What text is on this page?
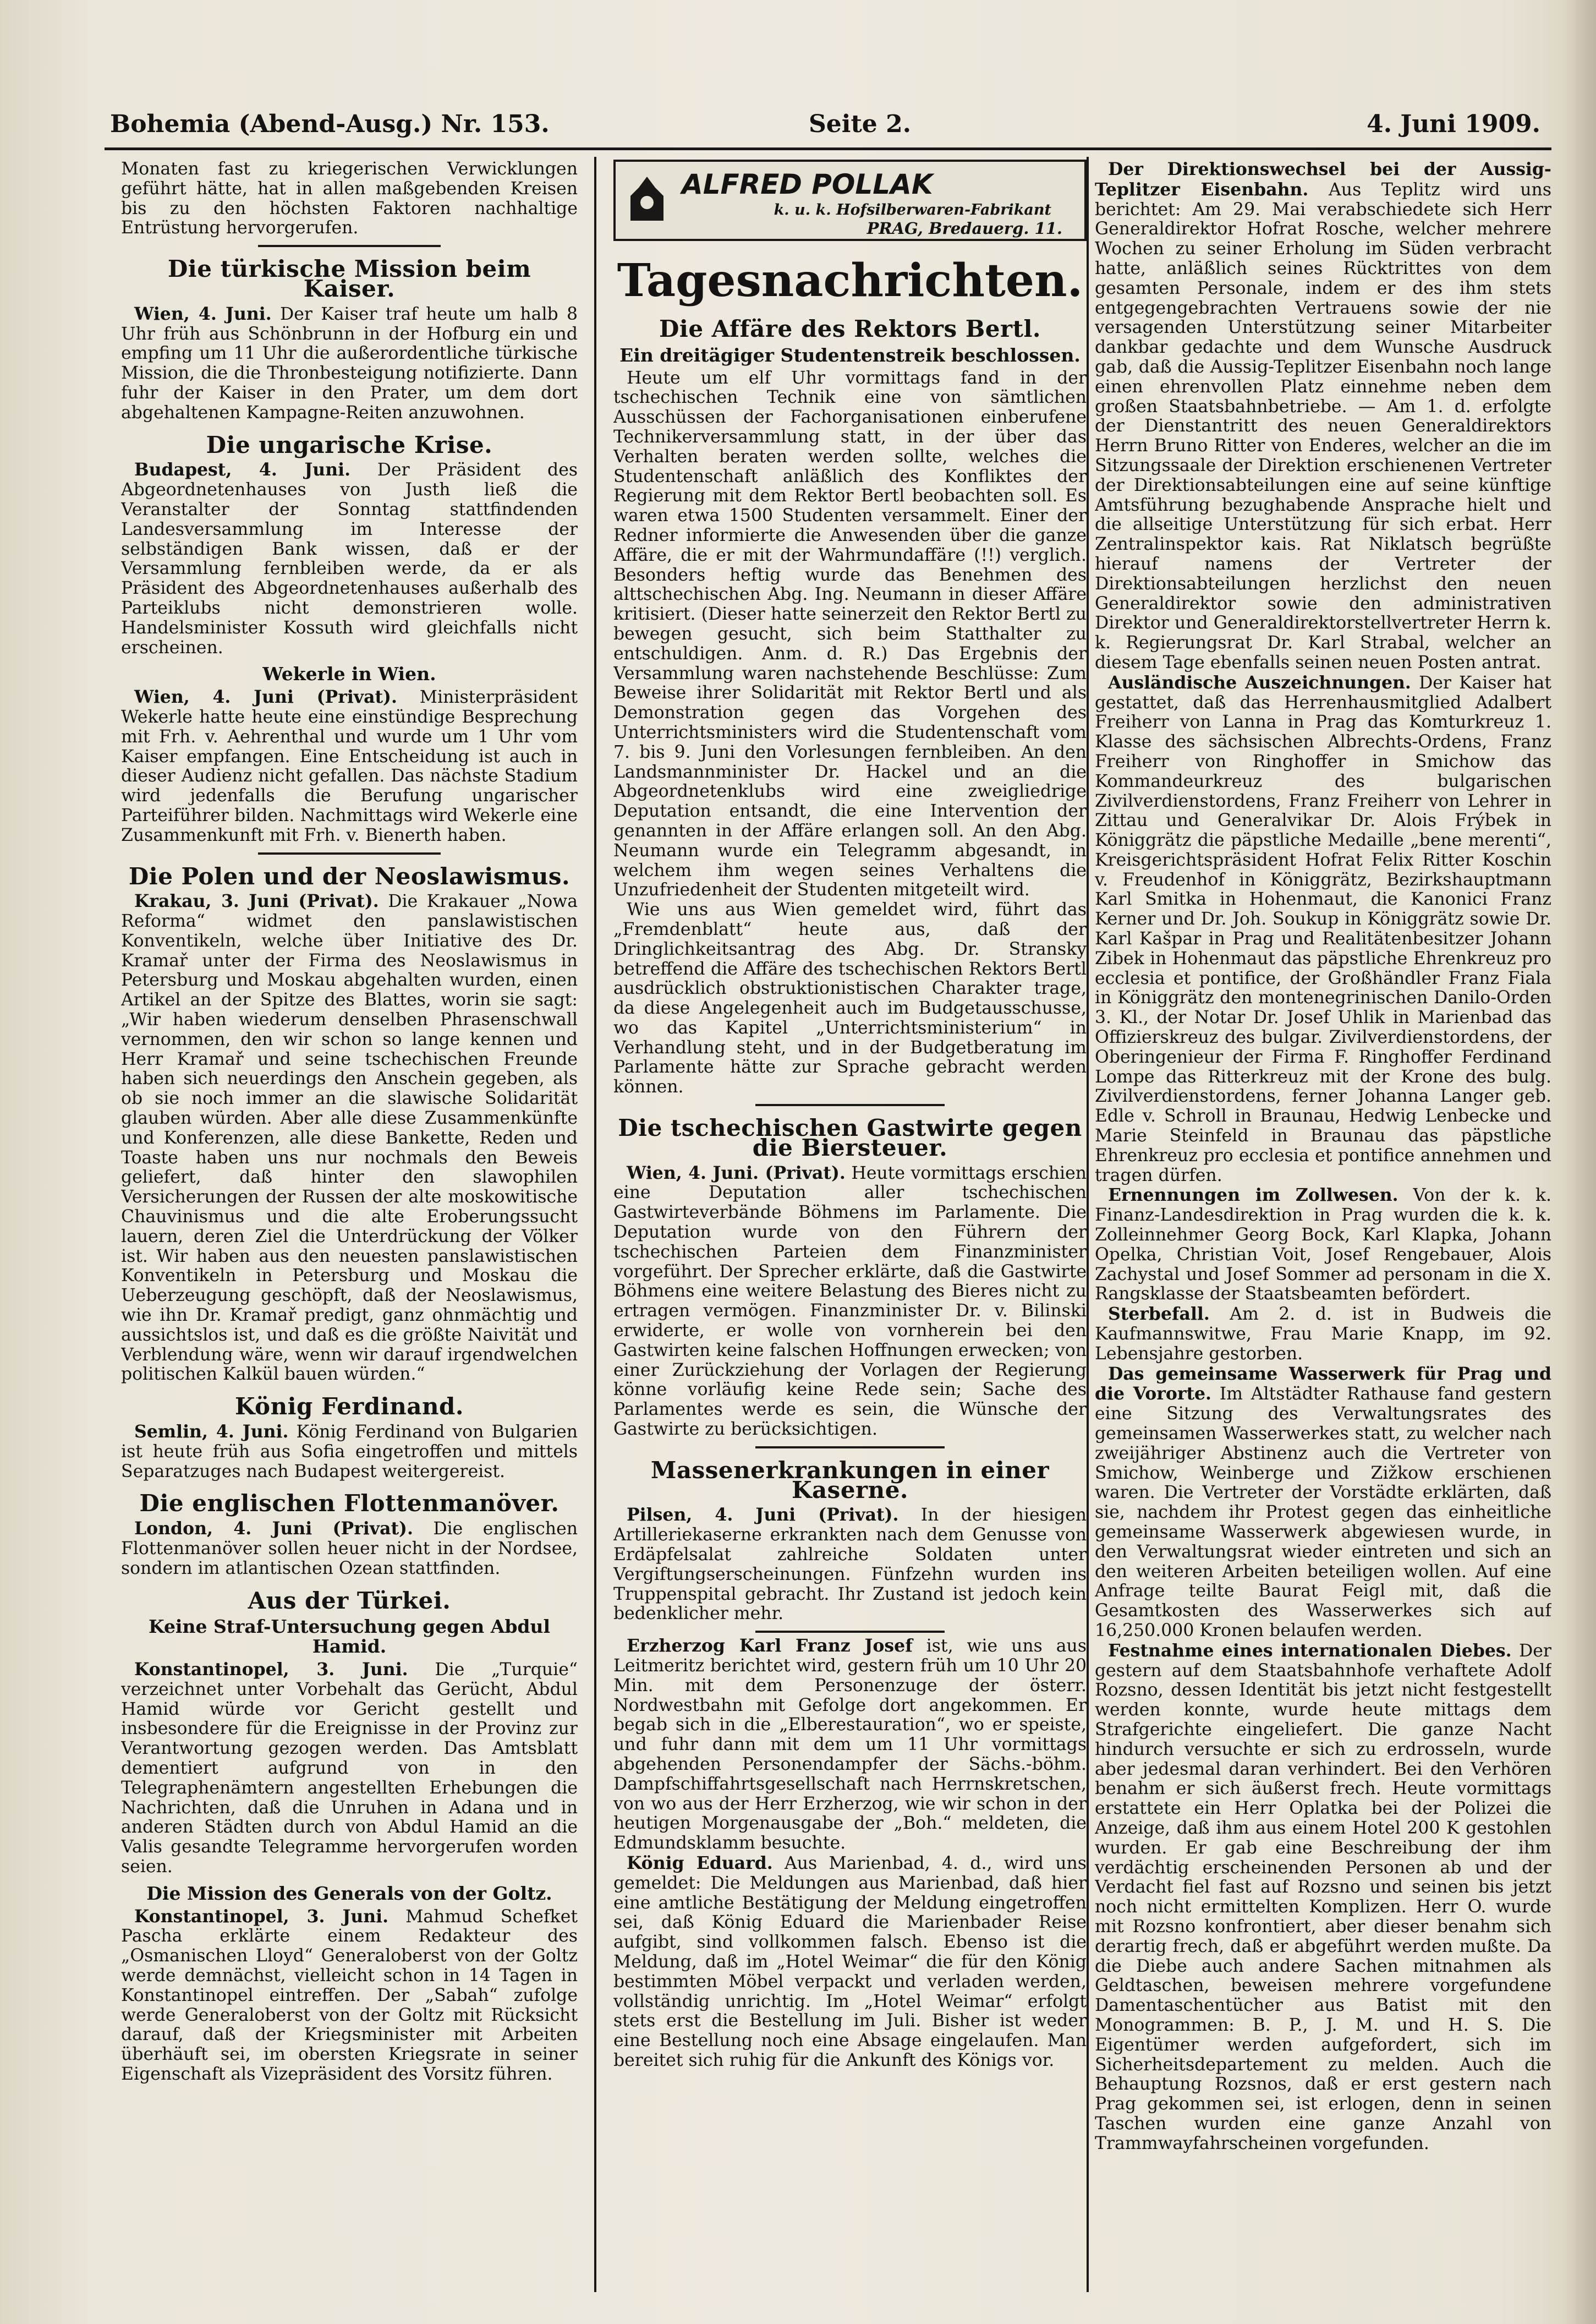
Bohemia (Abend-Ausg.) Nr. 153.	Seite 2.	4. Juni 1909.

Monaten fast zu kriegerischen Verwicklungen geführt hätte, hat in allen maßgebenden Kreisen bis zu den höchsten Faktoren nachhaltige Entrüstung hervorgerufen.

Die türkische Mission beim Kaiser.

Wien, 4. Juni. Der Kaiser traf heute um halb 8 Uhr früh aus Schönbrunn in der Hofburg ein und empfing um 11 Uhr die außerordentliche türkische Mission, die die Thronbesteigung notifizierte. Dann fuhr der Kaiser in den Prater, um dem dort abgehaltenen Kampagne-Reiten anzuwohnen.

Die ungarische Krise.

Budapest, 4. Juni. Der Präsident des Abgeordnetenhauses von Justh ließ die Veranstalter der Sonntag stattfindenden Landesversammlung im Interesse der selbständigen Bank wissen, daß er der Versammlung fernbleiben werde, da er als Präsident des Abgeordnetenhauses außerhalb des Parteiklubs nicht demonstrieren wolle. Handelsminister Kossuth wird gleichfalls nicht erscheinen.

Wekerle in Wien.

Wien, 4. Juni (Privat). Ministerpräsident Wekerle hatte heute eine einstündige Besprechung mit Frh. v. Aehrenthal und wurde um 1 Uhr vom Kaiser empfangen. Eine Entscheidung ist auch in dieser Audienz nicht gefallen. Das nächste Stadium wird jedenfalls die Berufung ungarischer Parteiführer bilden. Nachmittags wird Wekerle eine Zusammenkunft mit Frh. v. Bienerth haben.

Die Polen und der Neoslawismus.

Krakau, 3. Juni (Privat). Die Krakauer „Nowa Reforma“ widmet den panslawistischen Konventikeln, welche über Initiative des Dr. Kramař unter der Firma des Neoslawismus in Petersburg und Moskau abgehalten wurden, einen Artikel an der Spitze des Blattes, worin sie sagt: „Wir haben wiederum denselben Phrasenschwall vernommen, den wir schon so lange kennen und Herr Kramař und seine tschechischen Freunde haben sich neuerdings den Anschein gegeben, als ob sie noch immer an die slawische Solidarität glauben würden. Aber alle diese Zusammenkünfte und Konferenzen, alle diese Bankette, Reden und Toaste haben uns nur nochmals den Beweis geliefert, daß hinter den slawophilen Versicherungen der Russen der alte moskowitische Chauvinismus und die alte Eroberungssucht lauern, deren Ziel die Unterdrückung der Völker ist. Wir haben aus den neuesten panslawistischen Konventikeln in Petersburg und Moskau die Ueberzeugung geschöpft, daß der Neoslawismus, wie ihn Dr. Kramař predigt, ganz ohnmächtig und aussichtslos ist, und daß es die größte Naivität und Verblendung wäre, wenn wir darauf irgendwelchen politischen Kalkül bauen würden.“

König Ferdinand.

Semlin, 4. Juni. König Ferdinand von Bulgarien ist heute früh aus Sofia eingetroffen und mittels Separatzuges nach Budapest weitergereist.

Die englischen Flottenmanöver.

London, 4. Juni (Privat). Die englischen Flottenmanöver sollen heuer nicht in der Nordsee, sondern im atlantischen Ozean stattfinden.

Aus der Türkei.
Keine Straf-Untersuchung gegen Abdul Hamid.

Konstantinopel, 3. Juni. Die „Turquie“ verzeichnet unter Vorbehalt das Gerücht, Abdul Hamid würde vor Gericht gestellt und insbesondere für die Ereignisse in der Provinz zur Verantwortung gezogen werden. Das Amtsblatt dementiert aufgrund von in den Telegraphenämtern angestellten Erhebungen die Nachrichten, daß die Unruhen in Adana und in anderen Städten durch von Abdul Hamid an die Valis gesandte Telegramme hervorgerufen worden seien.

Die Mission des Generals von der Goltz.

Konstantinopel, 3. Juni. Mahmud Schefket Pascha erklärte einem Redakteur des „Osmanischen Lloyd“ Generaloberst von der Goltz werde demnächst, vielleicht schon in 14 Tagen in Konstantinopel eintreffen. Der „Sabah“ zufolge werde Generaloberst von der Goltz mit Rücksicht darauf, daß der Kriegsminister mit Arbeiten überhäuft sei, im obersten Kriegsrate in seiner Eigenschaft als Vizepräsident des Vorsitz führen.

ALFRED POLLAK
k. u. k. Hofsilberwaren-Fabrikant
PRAG, Bredauerg. 11.
Tagesnachrichten.
Die Affäre des Rektors Bertl.
Ein dreitägiger Studentenstreik beschlossen.

Heute um elf Uhr vormittags fand in der tschechischen Technik eine von sämtlichen Ausschüssen der Fachorganisationen einberufene Technikerversammlung statt, in der über das Verhalten beraten werden sollte, welches die Studentenschaft anläßlich des Konfliktes der Regierung mit dem Rektor Bertl beobachten soll. Es waren etwa 1500 Studenten versammelt. Einer der Redner informierte die Anwesenden über die ganze Affäre, die er mit der Wahrmundaffäre (!!) verglich. Besonders heftig wurde das Benehmen des alttschechischen Abg. Ing. Neumann in dieser Affäre kritisiert. (Dieser hatte seinerzeit den Rektor Bertl zu bewegen gesucht, sich beim Statthalter zu entschuldigen. Anm. d. R.) Das Ergebnis der Versammlung waren nachstehende Beschlüsse: Zum Beweise ihrer Solidarität mit Rektor Bertl und als Demonstration gegen das Vorgehen des Unterrichtsministers wird die Studentenschaft vom 7. bis 9. Juni den Vorlesungen fernbleiben. An den Landsmannminister Dr. Hackel und an die Abgeordnetenklubs wird eine zweigliedrige Deputation entsandt, die eine Intervention der genannten in der Affäre erlangen soll. An den Abg. Neumann wurde ein Telegramm abgesandt, in welchem ihm wegen seines Verhaltens die Unzufriedenheit der Studenten mitgeteilt wird.

Wie uns aus Wien gemeldet wird, führt das „Fremdenblatt“ heute aus, daß der Dringlichkeitsantrag des Abg. Dr. Stransky betreffend die Affäre des tschechischen Rektors Bertl ausdrücklich obstruktionistischen Charakter trage, da diese Angelegenheit auch im Budgetausschusse, wo das Kapitel „Unterrichtsministerium“ in Verhandlung steht, und in der Budgetberatung im Parlamente hätte zur Sprache gebracht werden können.

Die tschechischen Gastwirte gegen die Biersteuer.

Wien, 4. Juni. (Privat). Heute vormittags erschien eine Deputation aller tschechischen Gastwirteverbände Böhmens im Parlamente. Die Deputation wurde von den Führern der tschechischen Parteien dem Finanzminister vorgeführt. Der Sprecher erklärte, daß die Gastwirte Böhmens eine weitere Belastung des Bieres nicht zu ertragen vermögen. Finanzminister Dr. v. Bilinski erwiderte, er wolle von vornherein bei den Gastwirten keine falschen Hoffnungen erwecken; von einer Zurückziehung der Vorlagen der Regierung könne vorläufig keine Rede sein; Sache des Parlamentes werde es sein, die Wünsche der Gastwirte zu berücksichtigen.

Massenerkrankungen in einer Kaserne.

Pilsen, 4. Juni (Privat). In der hiesigen Artilleriekaserne erkrankten nach dem Genusse von Erdäpfelsalat zahlreiche Soldaten unter Vergiftungserscheinungen. Fünfzehn wurden ins Truppenspital gebracht. Ihr Zustand ist jedoch kein bedenklicher mehr.

Erzherzog Karl Franz Josef ist, wie uns aus Leitmeritz berichtet wird, gestern früh um 10 Uhr 20 Min. mit dem Personenzuge der österr. Nordwestbahn mit Gefolge dort angekommen. Er begab sich in die „Elberestauration“, wo er speiste, und fuhr dann mit dem um 11 Uhr vormittags abgehenden Personendampfer der Sächs.-böhm. Dampfschiffahrtsgesellschaft nach Herrnskretschen, von wo aus der Herr Erzherzog, wie wir schon in der heutigen Morgenausgabe der „Boh.“ meldeten, die Edmundsklamm besuchte.

König Eduard. Aus Marienbad, 4. d., wird uns gemeldet: Die Meldungen aus Marienbad, daß hier eine amtliche Bestätigung der Meldung eingetroffen sei, daß König Eduard die Marienbader Reise aufgibt, sind vollkommen falsch. Ebenso ist die Meldung, daß im „Hotel Weimar“ die für den König bestimmten Möbel verpackt und verladen werden, vollständig unrichtig. Im „Hotel Weimar“ erfolgt stets erst die Bestellung im Juli. Bisher ist weder eine Bestellung noch eine Absage eingelaufen. Man bereitet sich ruhig für die Ankunft des Königs vor.

Der Direktionswechsel bei der Aussig-Teplitzer Eisenbahn. Aus Teplitz wird uns berichtet: Am 29. Mai verabschiedete sich Herr Generaldirektor Hofrat Rosche, welcher mehrere Wochen zu seiner Erholung im Süden verbracht hatte, anläßlich seines Rücktrittes von dem gesamten Personale, indem er des ihm stets entgegengebrachten Vertrauens sowie der nie versagenden Unterstützung seiner Mitarbeiter dankbar gedachte und dem Wunsche Ausdruck gab, daß die Aussig-Teplitzer Eisenbahn noch lange einen ehrenvollen Platz einnehme neben dem großen Staatsbahnbetriebe. — Am 1. d. erfolgte der Dienstantritt des neuen Generaldirektors Herrn Bruno Ritter von Enderes, welcher an die im Sitzungssaale der Direktion erschienenen Vertreter der Direktionsabteilungen eine auf seine künftige Amtsführung bezughabende Ansprache hielt und die allseitige Unterstützung für sich erbat. Herr Zentralinspektor kais. Rat Niklatsch begrüßte hierauf namens der Vertreter der Direktionsabteilungen herzlichst den neuen Generaldirektor sowie den administrativen Direktor und Generaldirektorstellvertreter Herrn k. k. Regierungsrat Dr. Karl Strabal, welcher an diesem Tage ebenfalls seinen neuen Posten antrat.

Ausländische Auszeichnungen. Der Kaiser hat gestattet, daß das Herrenhausmitglied Adalbert Freiherr von Lanna in Prag das Komturkreuz 1. Klasse des sächsischen Albrechts-Ordens, Franz Freiherr von Ringhoffer in Smichow das Kommandeurkreuz des bulgarischen Zivilverdienstordens, Franz Freiherr von Lehrer in Zittau und Generalvikar Dr. Alois Frýbek in Königgrätz die päpstliche Medaille „bene merenti“, Kreisgerichtspräsident Hofrat Felix Ritter Koschin v. Freudenhof in Königgrätz, Bezirkshauptmann Karl Smitka in Hohenmaut, die Kanonici Franz Kerner und Dr. Joh. Soukup in Königgrätz sowie Dr. Karl Kašpar in Prag und Realitätenbesitzer Johann Zibek in Hohenmaut das päpstliche Ehrenkreuz pro ecclesia et pontifice, der Großhändler Franz Fiala in Königgrätz den montenegrinischen Danilo-Orden 3. Kl., der Notar Dr. Josef Uhlik in Marienbad das Offizierskreuz des bulgar. Zivilverdienstordens, der Oberingenieur der Firma F. Ringhoffer Ferdinand Lompe das Ritterkreuz mit der Krone des bulg. Zivilverdienstordens, ferner Johanna Langer geb. Edle v. Schroll in Braunau, Hedwig Lenbecke und Marie Steinfeld in Braunau das päpstliche Ehrenkreuz pro ecclesia et pontifice annehmen und tragen dürfen.

Ernennungen im Zollwesen. Von der k. k. Finanz-Landesdirektion in Prag wurden die k. k. Zolleinnehmer Georg Bock, Karl Klapka, Johann Opelka, Christian Voit, Josef Rengebauer, Alois Zachystal und Josef Sommer ad personam in die X. Rangsklasse der Staatsbeamten befördert.

Sterbefall. Am 2. d. ist in Budweis die Kaufmannswitwe, Frau Marie Knapp, im 92. Lebensjahre gestorben.

Das gemeinsame Wasserwerk für Prag und die Vororte. Im Altstädter Rathause fand gestern eine Sitzung des Verwaltungsrates des gemeinsamen Wasserwerkes statt, zu welcher nach zweijähriger Abstinenz auch die Vertreter von Smichow, Weinberge und Zižkow erschienen waren. Die Vertreter der Vorstädte erklärten, daß sie, nachdem ihr Protest gegen das einheitliche gemeinsame Wasserwerk abgewiesen wurde, in den Verwaltungsrat wieder eintreten und sich an den weiteren Arbeiten beteiligen wollen. Auf eine Anfrage teilte Baurat Feigl mit, daß die Gesamtkosten des Wasserwerkes sich auf 16,250.000 Kronen belaufen werden.

Festnahme eines internationalen Diebes. Der gestern auf dem Staatsbahnhofe verhaftete Adolf Rozsno, dessen Identität bis jetzt nicht festgestellt werden konnte, wurde heute mittags dem Strafgerichte eingeliefert. Die ganze Nacht hindurch versuchte er sich zu erdrosseln, wurde aber jedesmal daran verhindert. Bei den Verhören benahm er sich äußerst frech. Heute vormittags erstattete ein Herr Oplatka bei der Polizei die Anzeige, daß ihm aus einem Hotel 200 K gestohlen wurden. Er gab eine Beschreibung der ihm verdächtig erscheinenden Personen ab und der Verdacht fiel fast auf Rozsno und seinen bis jetzt noch nicht ermittelten Komplizen. Herr O. wurde mit Rozsno konfrontiert, aber dieser benahm sich derartig frech, daß er abgeführt werden mußte. Da die Diebe auch andere Sachen mitnahmen als Geldtaschen, beweisen mehrere vorgefundene Damentaschentücher aus Batist mit den Monogrammen: B. P., J. M. und H. S. Die Eigentümer werden aufgefordert, sich im Sicherheitsdepartement zu melden. Auch die Behauptung Rozsnos, daß er erst gestern nach Prag gekommen sei, ist erlogen, denn in seinen Taschen wurden eine ganze Anzahl von Trammwayfahrscheinen vorgefunden.
